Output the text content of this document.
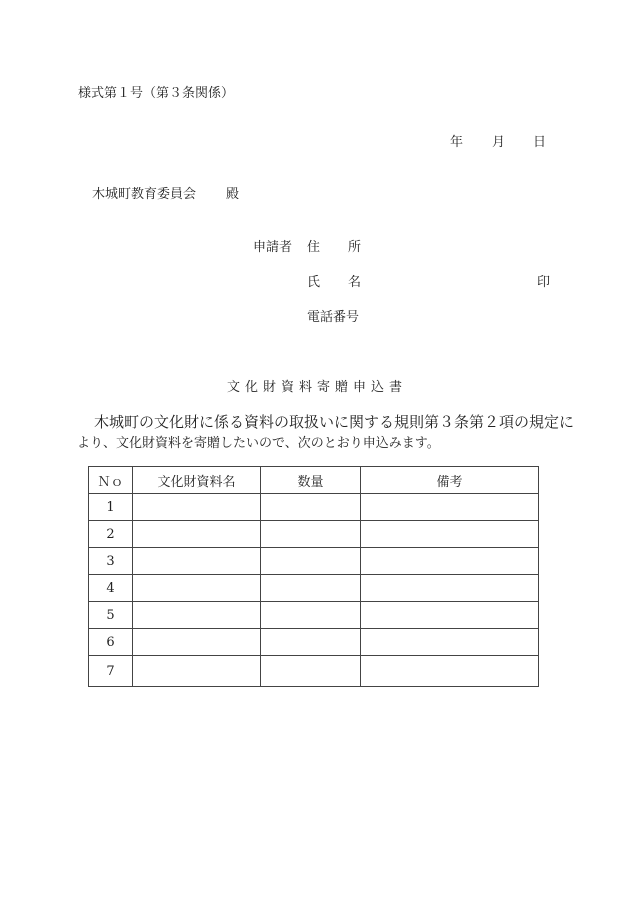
様式第１号（第３条関係）
年 月 日
木城町教育委員会 殿
申請者 住 所
氏 名	印
電話番号
文化財資料寄贈申込書
木城町の文化財に係る資料の取扱いに関する規則第３条第２項の規定に
より、文化財資料を寄贈したいので、次のとおり申込みます。
Ｎｏ	文化財資料名	数量	備考
1			
2			
3			
4			
5			
6			
7			
